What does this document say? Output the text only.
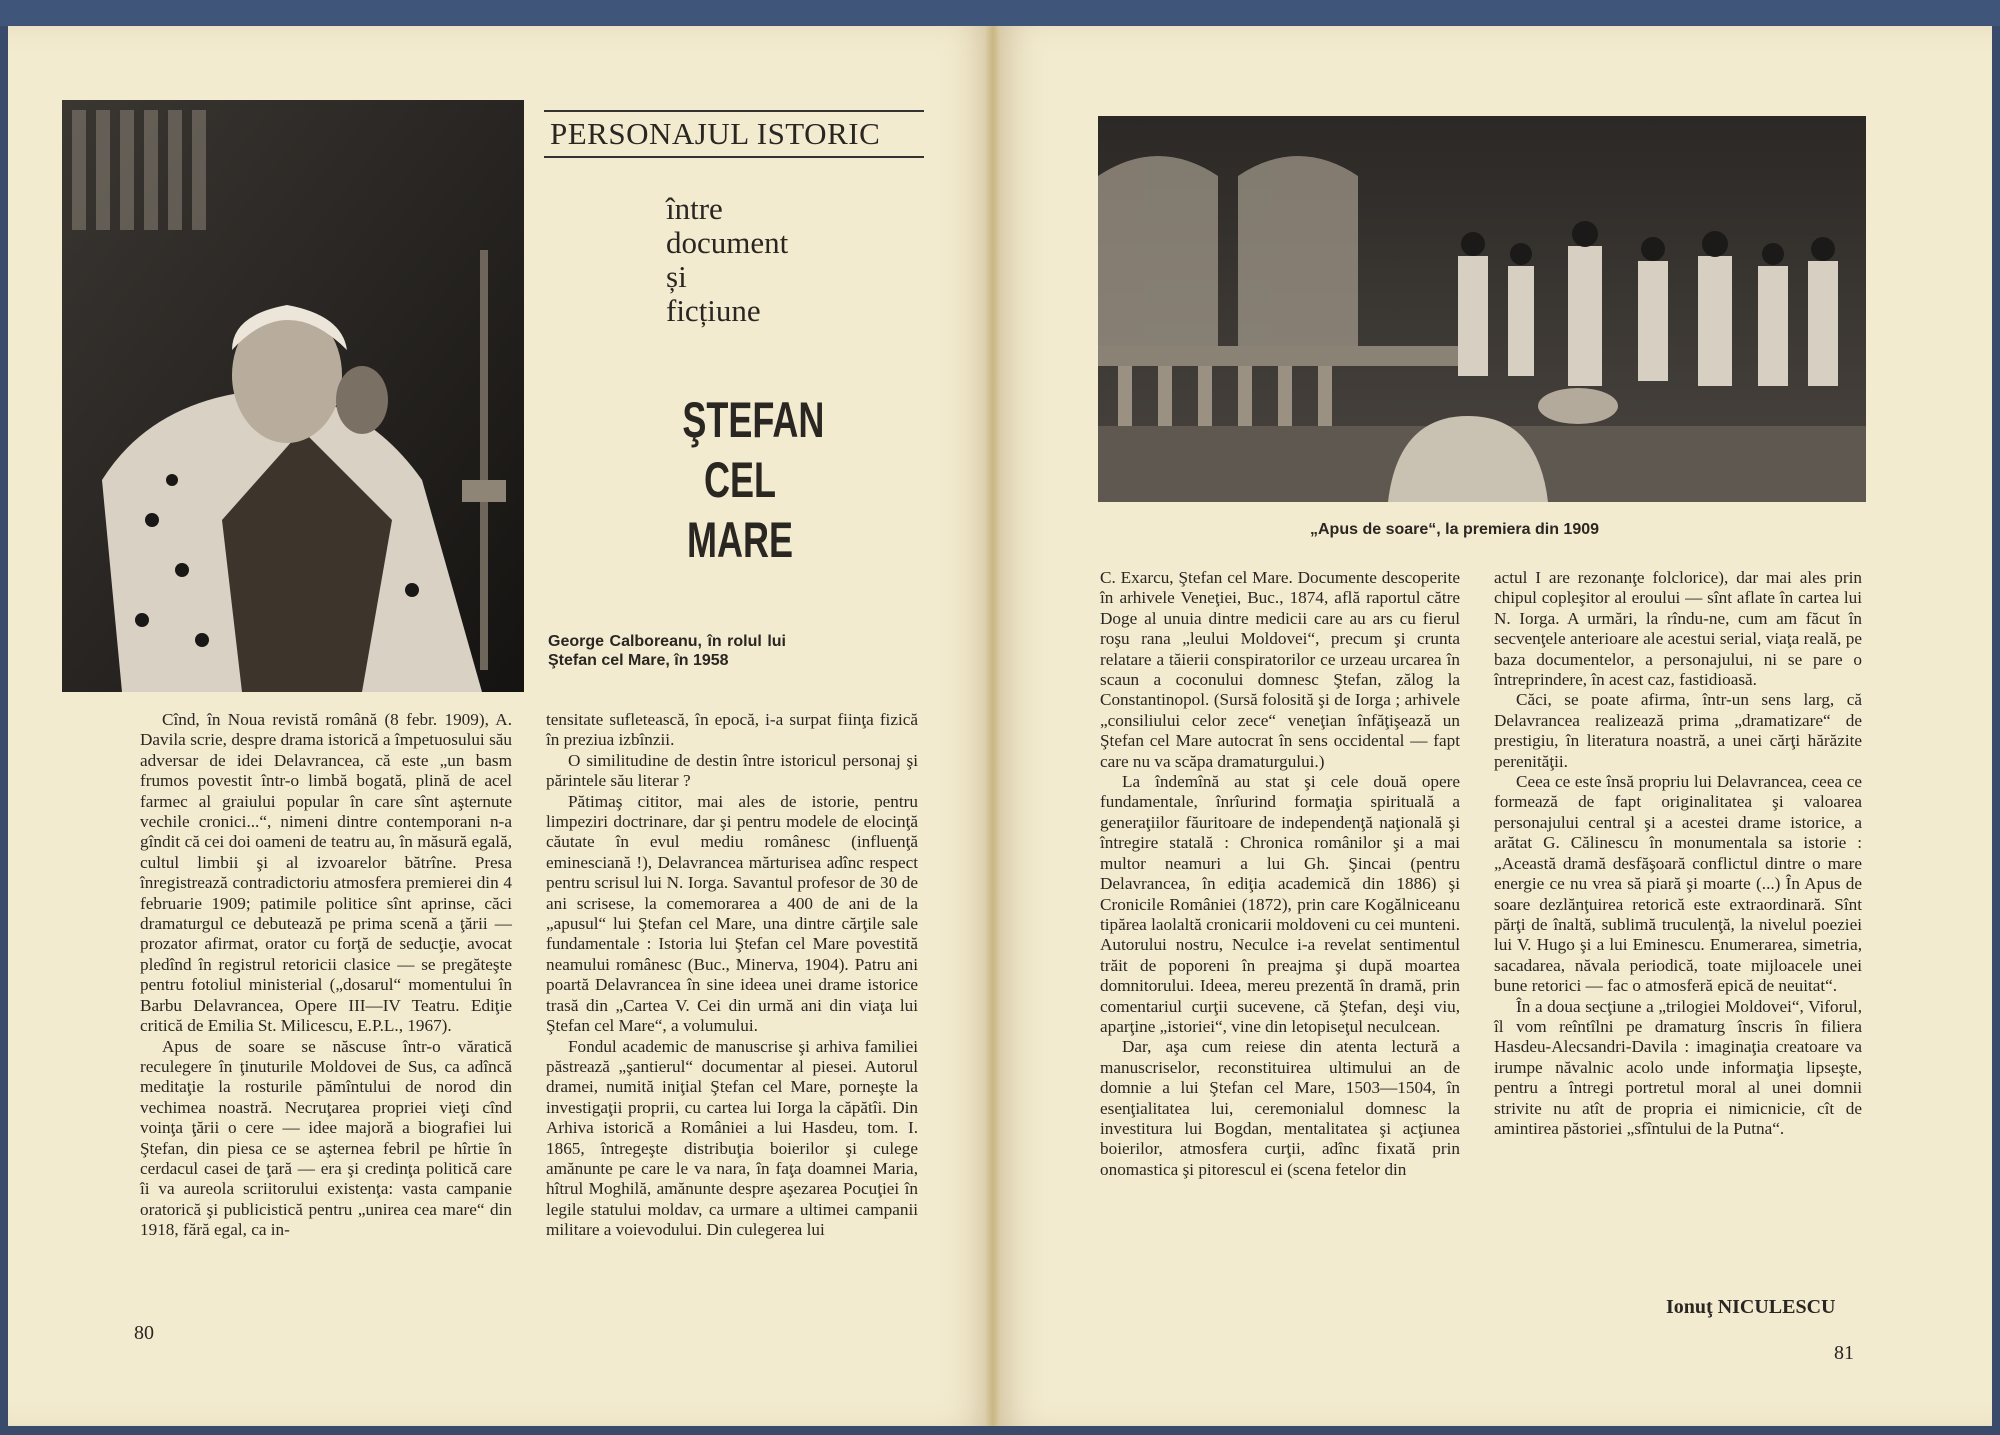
PERSONAJUL ISTORIC
între
document
și
ficțiune
ŞTEFAN
CEL
MARE
George Calboreanu, în rolul lui Ştefan cel Mare, în 1958

Cînd, în Noua revistă română (8 febr. 1909), A. Davila scrie, despre drama istorică a împetuosului său adversar de idei Delavrancea, că este „un basm frumos povestit într-o limbă bogată, plină de acel farmec al graiului popular în care sînt aşternute vechile cronici...“, nimeni dintre contemporani n-a gîndit că cei doi oameni de teatru au, în măsură egală, cultul limbii şi al izvoarelor bătrîne. Presa înregistrează contradictoriu atmosfera premierei din 4 februarie 1909; patimile politice sînt aprinse, căci dramaturgul ce debutează pe prima scenă a ţării — prozator afirmat, orator cu forţă de seducţie, avocat pledînd în registrul retoricii clasice — se pregăteşte pentru fotoliul ministerial („dosarul“ momentului în Barbu Delavrancea, Opere III—IV Teatru. Ediţie critică de Emilia St. Milicescu, E.P.L., 1967).

Apus de soare se născuse într-o văratică reculegere în ţinuturile Moldovei de Sus, ca adîncă meditaţie la rosturile pămîntului de norod din vechimea noastră. Necruţarea propriei vieţi cînd voinţa ţării o cere — idee majoră a biografiei lui Ştefan, din piesa ce se aşternea febril pe hîrtie în cerdacul casei de ţară — era şi credinţa politică care îi va aureola scriitorului existenţa: vasta campanie oratorică şi publicistică pentru „unirea cea mare“ din 1918, fără egal, ca in-

tensitate sufletească, în epocă, i-a surpat fiinţa fizică în preziua izbînzii.

O similitudine de destin între istoricul personaj şi părintele său literar ?

Pătimaş cititor, mai ales de istorie, pentru limpeziri doctrinare, dar şi pentru modele de elocinţă căutate în evul mediu românesc (influenţă eminesciană !), Delavrancea mărturisea adînc respect pentru scrisul lui N. Iorga. Savantul profesor de 30 de ani scrisese, la comemorarea a 400 de ani de la „apusul“ lui Ştefan cel Mare, una dintre cărţile sale fundamentale : Istoria lui Ştefan cel Mare povestită neamului românesc (Buc., Minerva, 1904). Patru ani poartă Delavrancea în sine ideea unei drame istorice trasă din „Cartea V. Cei din urmă ani din viaţa lui Ştefan cel Mare“, a volumului.

Fondul academic de manuscrise şi arhiva familiei păstrează „şantierul“ documentar al piesei. Autorul dramei, numită iniţial Ştefan cel Mare, porneşte la investigaţii proprii, cu cartea lui Iorga la căpătîi. Din Arhiva istorică a României a lui Hasdeu, tom. I. 1865, întregeşte distribuţia boierilor şi culege amănunte pe care le va nara, în faţa doamnei Maria, hîtrul Moghilă, amănunte despre aşezarea Pocuţiei în legile statului moldav, ca urmare a ultimei campanii militare a voievodului. Din culegerea lui

80
„Apus de soare“, la premiera din 1909

C. Exarcu, Ştefan cel Mare. Documente descoperite în arhivele Veneţiei, Buc., 1874, află raportul către Doge al unuia dintre medicii care au ars cu fierul roşu rana „leului Moldovei“, precum şi crunta relatare a tăierii conspiratorilor ce urzeau urcarea în scaun a coconului domnesc Ştefan, zălog la Constantinopol. (Sursă folosită şi de Iorga ; arhivele „consiliului celor zece“ veneţian înfăţişează un Ştefan cel Mare autocrat în sens occidental — fapt care nu va scăpa dramaturgului.)

La îndemînă au stat şi cele două opere fundamentale, înrîurind formaţia spirituală a generaţiilor făuritoare de independenţă naţională şi întregire statală : Chronica românilor şi a mai multor neamuri a lui Gh. Şincai (pentru Delavrancea, în ediţia academică din 1886) şi Cronicile României (1872), prin care Kogălniceanu tipărea laolaltă cronicarii moldoveni cu cei munteni. Autorului nostru, Neculce i-a revelat sentimentul trăit de poporeni în preajma şi după moartea domnitorului. Ideea, mereu prezentă în dramă, prin comentariul curţii sucevene, că Ştefan, deşi viu, aparţine „istoriei“, vine din letopiseţul neculcean.

Dar, aşa cum reiese din atenta lectură a manuscriselor, reconstituirea ultimului an de domnie a lui Ştefan cel Mare, 1503—1504, în esenţialitatea lui, ceremonialul domnesc la investitura lui Bogdan, mentalitatea şi acţiunea boierilor, atmosfera curţii, adînc fixată prin onomastica şi pitorescul ei (scena fetelor din

actul I are rezonanţe folclorice), dar mai ales prin chipul copleşitor al eroului — sînt aflate în cartea lui N. Iorga. A urmări, la rîndu-ne, cum am făcut în secvenţele anterioare ale acestui serial, viaţa reală, pe baza documentelor, a personajului, ni se pare o întreprindere, în acest caz, fastidioasă.

Căci, se poate afirma, într-un sens larg, că Delavrancea realizează prima „dramatizare“ de prestigiu, în literatura noastră, a unei cărţi hărăzite perenităţii.

Ceea ce este însă propriu lui Delavrancea, ceea ce formează de fapt originalitatea şi valoarea personajului central şi a acestei drame istorice, a arătat G. Călinescu în monumentala sa istorie : „Această dramă desfăşoară conflictul dintre o mare energie ce nu vrea să piară şi moarte (...) În Apus de soare dezlănţuirea retorică este extraordinară. Sînt părţi de înaltă, sublimă truculenţă, la nivelul poeziei lui V. Hugo şi a lui Eminescu. Enumerarea, simetria, sacadarea, năvala periodică, toate mijloacele unei bune retorici — fac o atmosferă epică de neuitat“.

În a doua secţiune a „trilogiei Moldovei“, Viforul, îl vom reîntîlni pe dramaturg înscris în filiera Hasdeu-Alecsandri-Davila : imaginaţia creatoare va irumpe năvalnic acolo unde informaţia lipseşte, pentru a întregi portretul moral al unei domnii strivite nu atît de propria ei nimicnicie, cît de amintirea păstoriei „sfîntului de la Putna“.

Ionuţ NICULESCU
81
